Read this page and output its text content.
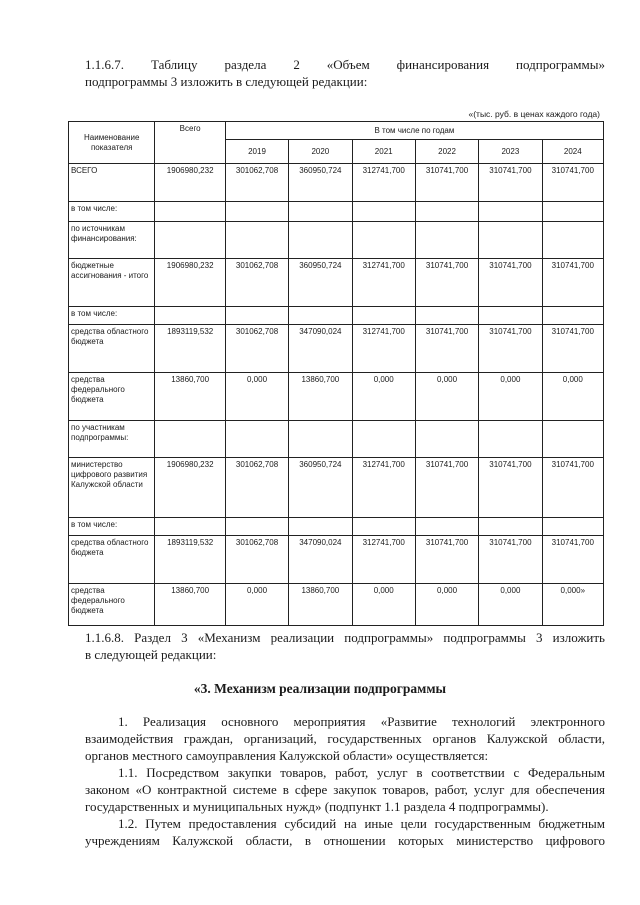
1.1.6.7. Таблицу раздела 2 «Объем финансирования подпрограммы»

подпрограммы 3 изложить в следующей редакции:

«(тыс. руб. в ценах каждого года)
Наименование показателя	Всего	В том числе по годам					
		2019	2020	2021	2022	2023	2024
ВСЕГО	1906980,232	301062,708	360950,724	312741,700	310741,700	310741,700	310741,700
в том числе:							
по источникам финансирования:							
бюджетные ассигнования - итого	1906980,232	301062,708	360950,724	312741,700	310741,700	310741,700	310741,700
в том числе:							
средства областного бюджета	1893119,532	301062,708	347090,024	312741,700	310741,700	310741,700	310741,700
средства федерального бюджета	13860,700	0,000	13860,700	0,000	0,000	0,000	0,000
по участникам подпрограммы:							
министерство цифрового развития Калужской области	1906980,232	301062,708	360950,724	312741,700	310741,700	310741,700	310741,700
в том числе:							
средства областного бюджета	1893119,532	301062,708	347090,024	312741,700	310741,700	310741,700	310741,700
средства федерального бюджета	13860,700	0,000	13860,700	0,000	0,000	0,000	0,000»

1.1.6.8. Раздел 3 «Механизм реализации подпрограммы» подпрограммы 3 изложить

в следующей редакции:

«3. Механизм реализации подпрограммы
1. Реализация основного мероприятия «Развитие технологий электронного
взаимодействия граждан, организаций, государственных органов Калужской области,
органов местного самоуправления Калужской области» осуществляется:
1.1. Посредством закупки товаров, работ, услуг в соответствии с Федеральным
законом «О контрактной системе в сфере закупок товаров, работ, услуг для обеспечения
государственных и муниципальных нужд» (подпункт 1.1 раздела 4 подпрограммы).
1.2. Путем предоставления субсидий на иные цели государственным бюджетным
учреждениям Калужской области, в отношении которых министерство цифрового
